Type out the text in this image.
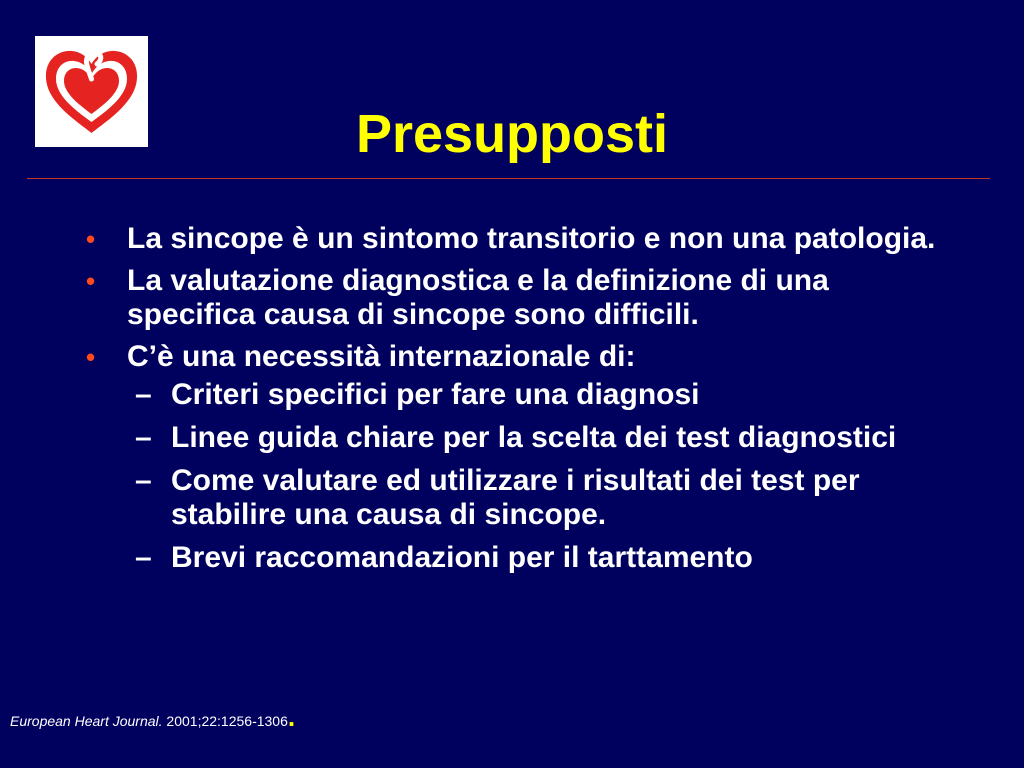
Presupposti
• La sincope è un sintomo transitorio e non una patologia.
• La valutazione diagnostica e la definizione di una specifica causa di sincope sono difficili.
• C’è una necessità internazionale di:
– Criteri specifici per fare una diagnosi
– Linee guida chiare per la scelta dei test diagnostici
– Come valutare ed utilizzare i risultati dei test per stabilire una causa di sincope.
– Brevi raccomandazioni per il tarttamento
European Heart Journal. 2001;22:1256-1306.
